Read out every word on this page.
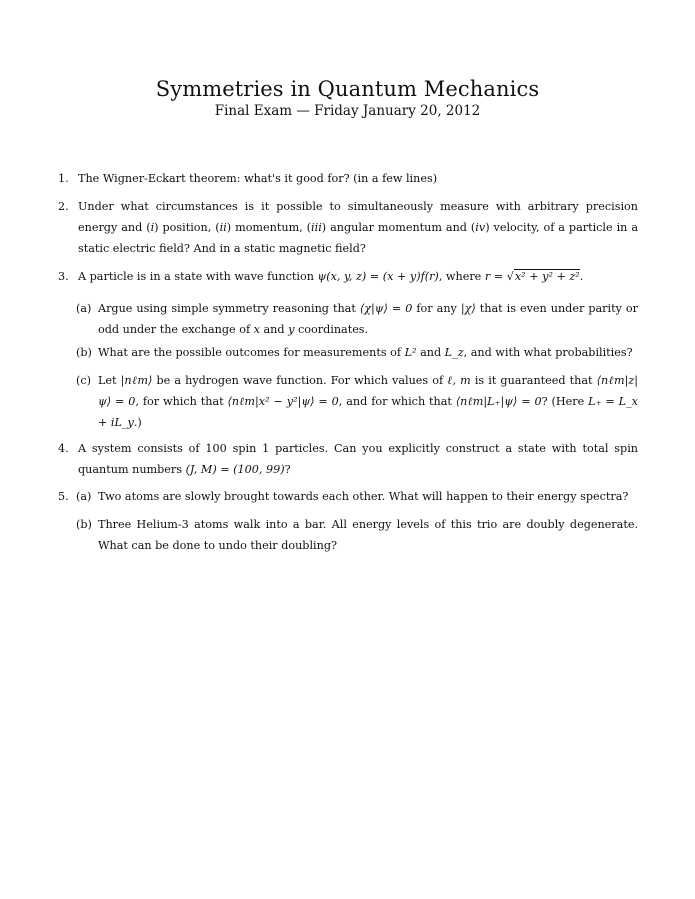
Symmetries in Quantum Mechanics
Final Exam — Friday January 20, 2012
1. The Wigner-Eckart theorem: what's it good for? (in a few lines)
2. Under what circumstances is it possible to simultaneously measure with arbitrary precision energy and (i) position, (ii) momentum, (iii) angular momentum and (iv) velocity, of a particle in a static electric field? And in a static magnetic field?
3. A particle is in a state with wave function ψ(x, y, z) = (x + y)f(r), where r = √x² + y² + z².
(a) Argue using simple symmetry reasoning that ⟨χ|ψ⟩ = 0 for any |χ⟩ that is even under parity or odd under the exchange of x and y coordinates.
(b) What are the possible outcomes for measurements of L² and L_z, and with what probabilities?
(c) Let |nℓm⟩ be a hydrogen wave function. For which values of ℓ, m is it guaranteed that ⟨nℓm|z|ψ⟩ = 0, for which that ⟨nℓm|x² − y²|ψ⟩ = 0, and for which that ⟨nℓm|L₊|ψ⟩ = 0? (Here L₊ = L_x + iL_y.)
4. A system consists of 100 spin 1 particles. Can you explicitly construct a state with total spin quantum numbers (J, M) = (100, 99)?
5. (a) Two atoms are slowly brought towards each other. What will happen to their energy spectra?
(b) Three Helium-3 atoms walk into a bar. All energy levels of this trio are doubly degenerate. What can be done to undo their doubling?
